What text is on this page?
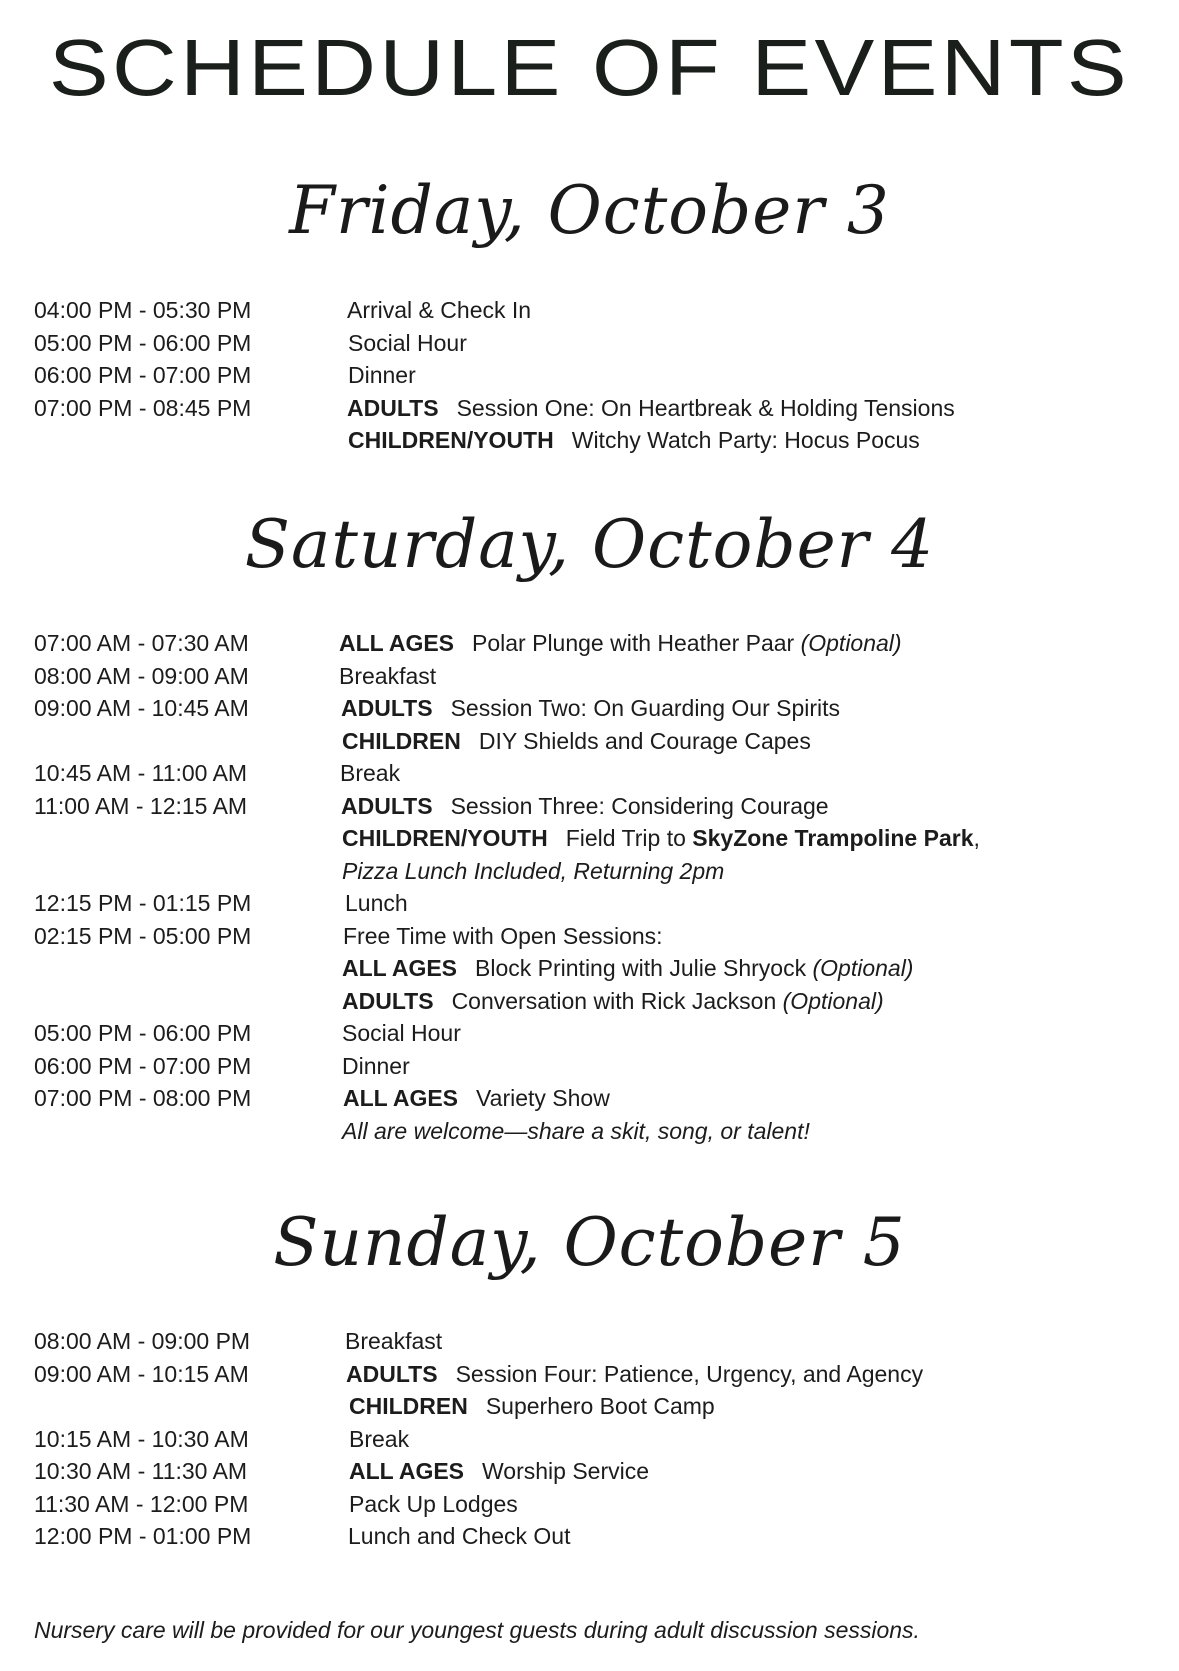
SCHEDULE OF EVENTS
Friday, October 3
04:00 PM - 05:30 PM	Arrival & Check In
05:00 PM - 06:00 PM	Social Hour
06:00 PM - 07:00 PM	Dinner
07:00 PM - 08:45 PM	ADULTS Session One: On Heartbreak & Holding Tensions
CHILDREN/YOUTH Witchy Watch Party: Hocus Pocus
Saturday, October 4
07:00 AM - 07:30 AM	ALL AGES Polar Plunge with Heather Paar (Optional)
08:00 AM - 09:00 AM	Breakfast
09:00 AM - 10:45 AM	ADULTS Session Two: On Guarding Our Spirits
CHILDREN DIY Shields and Courage Capes
10:45 AM - 11:00 AM	Break
11:00 AM - 12:15 AM	ADULTS Session Three: Considering Courage
CHILDREN/YOUTH Field Trip to SkyZone Trampoline Park,
Pizza Lunch Included, Returning 2pm
12:15 PM - 01:15 PM	Lunch
02:15 PM - 05:00 PM	Free Time with Open Sessions:
ALL AGES Block Printing with Julie Shryock (Optional)
ADULTS Conversation with Rick Jackson (Optional)
05:00 PM - 06:00 PM	Social Hour
06:00 PM - 07:00 PM	Dinner
07:00 PM - 08:00 PM	ALL AGES Variety Show
All are welcome—share a skit, song, or talent!
Sunday, October 5
08:00 AM - 09:00 PM	Breakfast
09:00 AM - 10:15 AM	ADULTS Session Four: Patience, Urgency, and Agency
CHILDREN Superhero Boot Camp
10:15 AM - 10:30 AM	Break
10:30 AM - 11:30 AM	ALL AGES Worship Service
11:30 AM - 12:00 PM	Pack Up Lodges
12:00 PM - 01:00 PM	Lunch and Check Out
Nursery care will be provided for our youngest guests during adult discussion sessions.
